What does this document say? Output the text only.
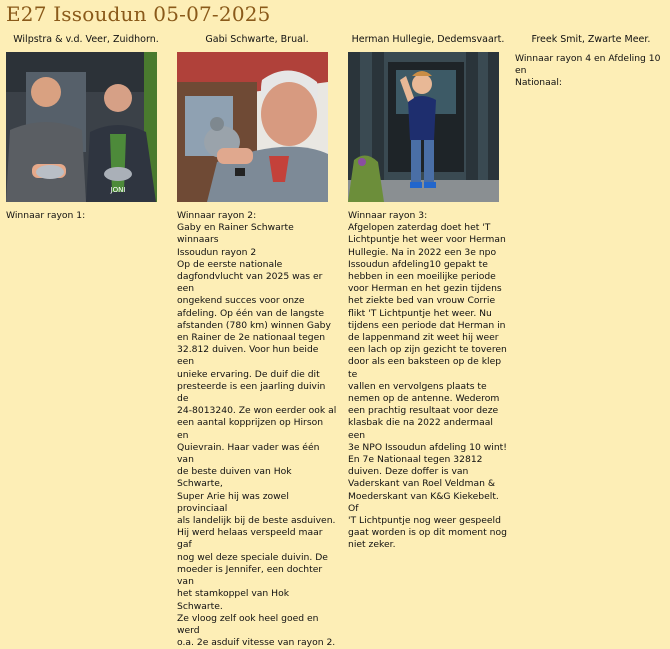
E27 Issoudun 05-07-2025
Wilpstra & v.d. Veer, Zuidhorn.
JONI
Winnaar rayon 1:
Gabi Schwarte, Brual.
Winnaar rayon 2:
Gaby en Rainer Schwarte winnaars
Issoudun rayon 2
Op de eerste nationale
dagfondvlucht van 2025 was er een
ongekend succes voor onze
afdeling. Op één van de langste
afstanden (780 km) winnen Gaby
en Rainer de 2e nationaal tegen
32.812 duiven. Voor hun beide een
unieke ervaring. De duif die dit
presteerde is een jaarling duivin de
24-8013240. Ze won eerder ook al
een aantal kopprijzen op Hirson en
Quievrain. Haar vader was één van
de beste duiven van Hok Schwarte,
Super Arie hij was zowel provinciaal
als landelijk bij de beste asduiven.
Hij werd helaas verspeeld maar gaf
nog wel deze speciale duivin. De
moeder is Jennifer, een dochter van
het stamkoppel van Hok Schwarte.
Ze vloog zelf ook heel goed en werd
o.a. 2e asduif vitesse van rayon 2.
Herman Hullegie, Dedemsvaart.
Winnaar rayon 3:
Afgelopen zaterdag doet het 'T
Lichtpuntje het weer voor Herman
Hullegie. Na in 2022 een 3e npo
Issoudun afdeling10 gepakt te
hebben in een moeilijke periode
voor Herman en het gezin tijdens
het ziekte bed van vrouw Corrie
flikt 'T Lichtpuntje het weer. Nu
tijdens een periode dat Herman in
de lappenmand zit weet hij weer
een lach op zijn gezicht te toveren
door als een baksteen op de klep te
vallen en vervolgens plaats te
nemen op de antenne. Wederom
een prachtig resultaat voor deze
klasbak die na 2022 andermaal een
3e NPO Issoudun afdeling 10 wint!
En 7e Nationaal tegen 32812
duiven. Deze doffer is van
Vaderskant van Roel Veldman &
Moederskant van K&G Kiekebelt. Of
'T Lichtpuntje nog weer gespeeld
gaat worden is op dit moment nog
niet zeker.
Freek Smit, Zwarte Meer.
Winnaar rayon 4 en Afdeling 10 en
Nationaal:
